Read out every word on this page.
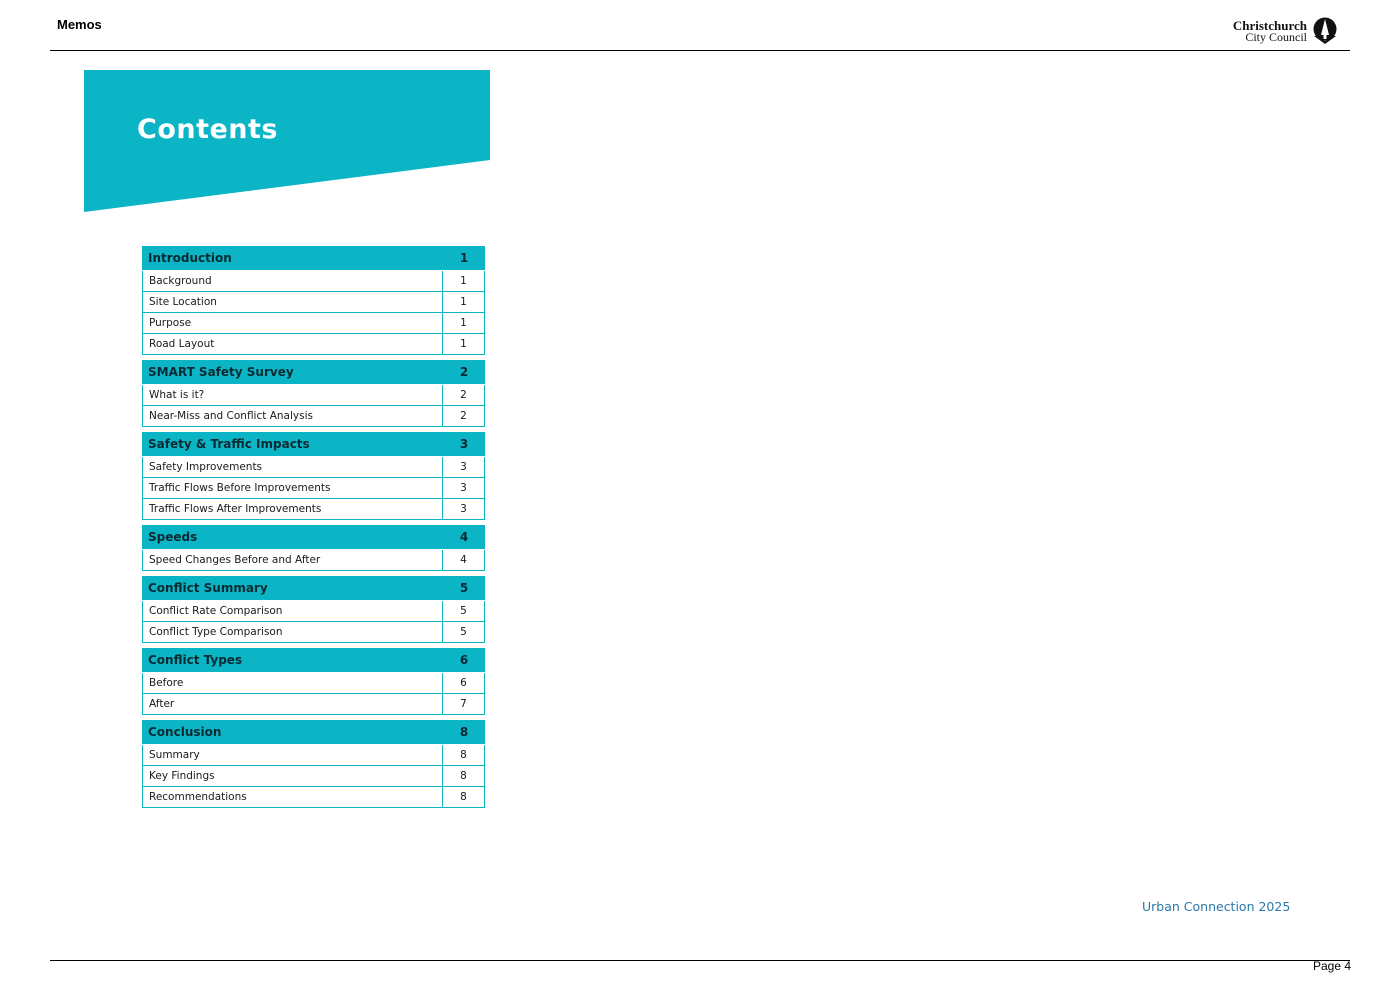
Memos	Christchurch
City Council
Contents
Introduction	1
Background	1
Site Location	1
Purpose	1
Road Layout	1
SMART Safety Survey	2
What is it?	2
Near-Miss and Conflict Analysis	2
Safety & Traffic Impacts	3
Safety Improvements	3
Traffic Flows Before Improvements	3
Traffic Flows After Improvements	3
Speeds	4
Speed Changes Before and After	4
Conflict Summary	5
Conflict Rate Comparison	5
Conflict Type Comparison	5
Conflict Types	6
Before	6
After	7
Conclusion	8
Summary	8
Key Findings	8
Recommendations	8
Urban Connection 2025
Page 4
